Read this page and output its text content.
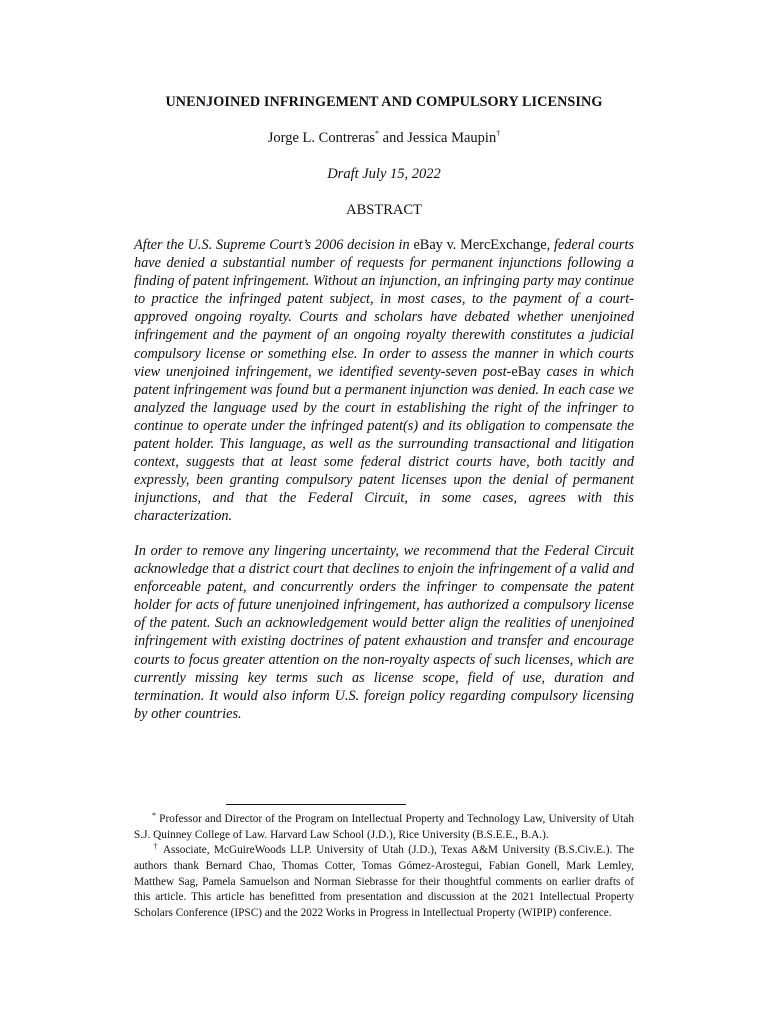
UNENJOINED INFRINGEMENT AND COMPULSORY LICENSING
Jorge L. Contreras* and Jessica Maupin†
Draft July 15, 2022
ABSTRACT

After the U.S. Supreme Court’s 2006 decision in eBay v. MercExchange, federal courts have denied a substantial number of requests for permanent injunctions following a finding of patent infringement. Without an injunction, an infringing party may continue to practice the infringed patent subject, in most cases, to the payment of a court-approved ongoing royalty. Courts and scholars have debated whether unenjoined infringement and the payment of an ongoing royalty therewith constitutes a judicial compulsory license or something else. In order to assess the manner in which courts view unenjoined infringement, we identified seventy-seven post-eBay cases in which patent infringement was found but a permanent injunction was denied. In each case we analyzed the language used by the court in establishing the right of the infringer to continue to operate under the infringed patent(s) and its obligation to compensate the patent holder. This language, as well as the surrounding transactional and litigation context, suggests that at least some federal district courts have, both tacitly and expressly, been granting compulsory patent licenses upon the denial of permanent injunctions, and that the Federal Circuit, in some cases, agrees with this characterization.

In order to remove any lingering uncertainty, we recommend that the Federal Circuit acknowledge that a district court that declines to enjoin the infringement of a valid and enforceable patent, and concurrently orders the infringer to compensate the patent holder for acts of future unenjoined infringement, has authorized a compulsory license of the patent. Such an acknowledgement would better align the realities of unenjoined infringement with existing doctrines of patent exhaustion and transfer and encourage courts to focus greater attention on the non-royalty aspects of such licenses, which are currently missing key terms such as license scope, field of use, duration and termination. It would also inform U.S. foreign policy regarding compulsory licensing by other countries.

* Professor and Director of the Program on Intellectual Property and Technology Law, University of Utah S.J. Quinney College of Law. Harvard Law School (J.D.), Rice University (B.S.E.E., B.A.).

† Associate, McGuireWoods LLP. University of Utah (J.D.), Texas A&M University (B.S.Civ.E.). The authors thank Bernard Chao, Thomas Cotter, Tomas Gómez-Arostegui, Fabian Gonell, Mark Lemley, Matthew Sag, Pamela Samuelson and Norman Siebrasse for their thoughtful comments on earlier drafts of this article. This article has benefitted from presentation and discussion at the 2021 Intellectual Property Scholars Conference (IPSC) and the 2022 Works in Progress in Intellectual Property (WIPIP) conference.
